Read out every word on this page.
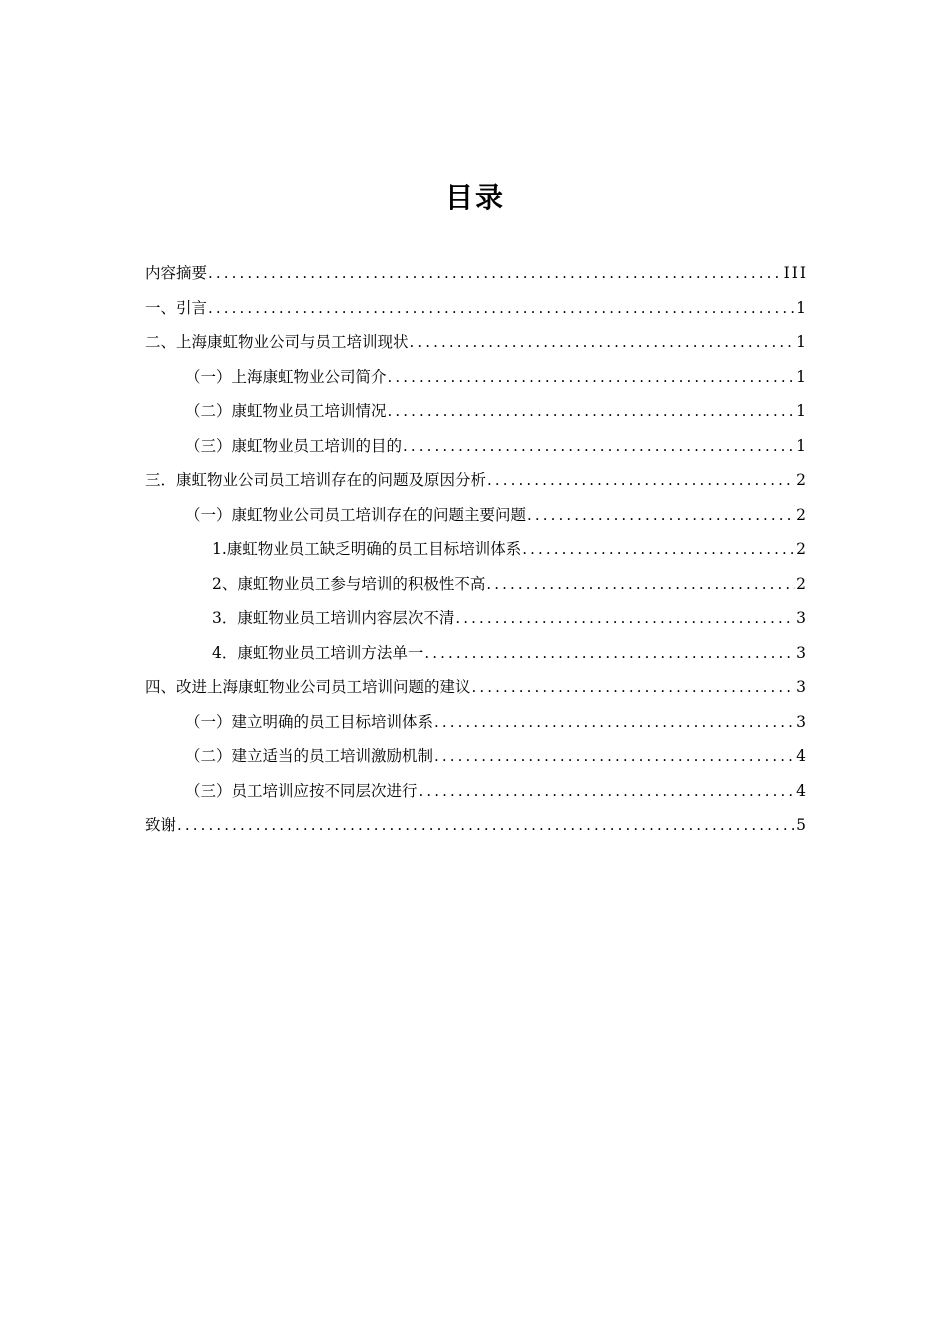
目录
内容摘要 .....	III
一、引言 .....	1
二、上海康虹物业公司与员工培训现状 .....	1
（一）上海康虹物业公司简介 .....	1
（二）康虹物业员工培训情况 .....	1
（三）康虹物业员工培训的目的 .....	1
三．康虹物业公司员工培训存在的问题及原因分析 .....	2
（一）康虹物业公司员工培训存在的问题主要问题 .....	2
1.康虹物业员工缺乏明确的员工目标培训体系 .....	2
2、康虹物业员工参与培训的积极性不高 .....	2
3．康虹物业员工培训内容层次不清 .....	3
4．康虹物业员工培训方法单一 .....	3
四、改进上海康虹物业公司员工培训问题的建议 .....	3
（一）建立明确的员工目标培训体系 .....	3
（二）建立适当的员工培训激励机制 .....	4
（三）员工培训应按不同层次进行 .....	4
致谢 .....	5
